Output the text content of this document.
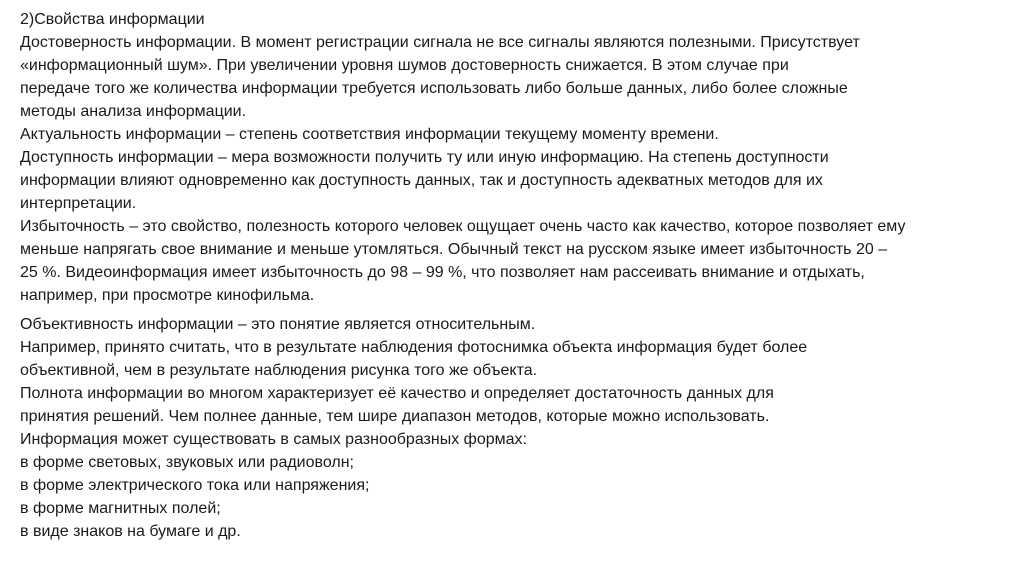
2)Свойства информации
Достоверность информации. В момент регистрации сигнала не все сигналы являются полезными. Присутствует
«информационный шум». При увеличении уровня шумов достоверность снижается. В этом случае при
передаче того же количества информации требуется использовать либо больше данных, либо более сложные
методы анализа информации.
Актуальность информации – степень соответствия информации текущему моменту времени.
Доступность информации – мера возможности получить ту или иную информацию. На степень доступности
информации влияют одновременно как доступность данных, так и доступность адекватных методов для их
интерпретации.
Избыточность – это свойство, полезность которого человек ощущает очень часто как качество, которое позволяет ему
меньше напрягать свое внимание и меньше утомляться. Обычный текст на русском языке имеет избыточность 20 –
25 %. Видеоинформация имеет избыточность до 98 – 99 %, что позволяет нам рассеивать внимание и отдыхать,
например, при просмотре кинофильма.
Объективность информации – это понятие является относительным.
Например, принято считать, что в результате наблюдения фотоснимка объекта информация будет более
объективной, чем в результате наблюдения рисунка того же объекта.
Полнота информации во многом характеризует её качество и определяет достаточность данных для
принятия решений. Чем полнее данные, тем шире диапазон методов, которые можно использовать.
Информация может существовать в самых разнообразных формах:
в форме световых, звуковых или радиоволн;
в форме электрического тока или напряжения;
в форме магнитных полей;
в виде знаков на бумаге и др.
